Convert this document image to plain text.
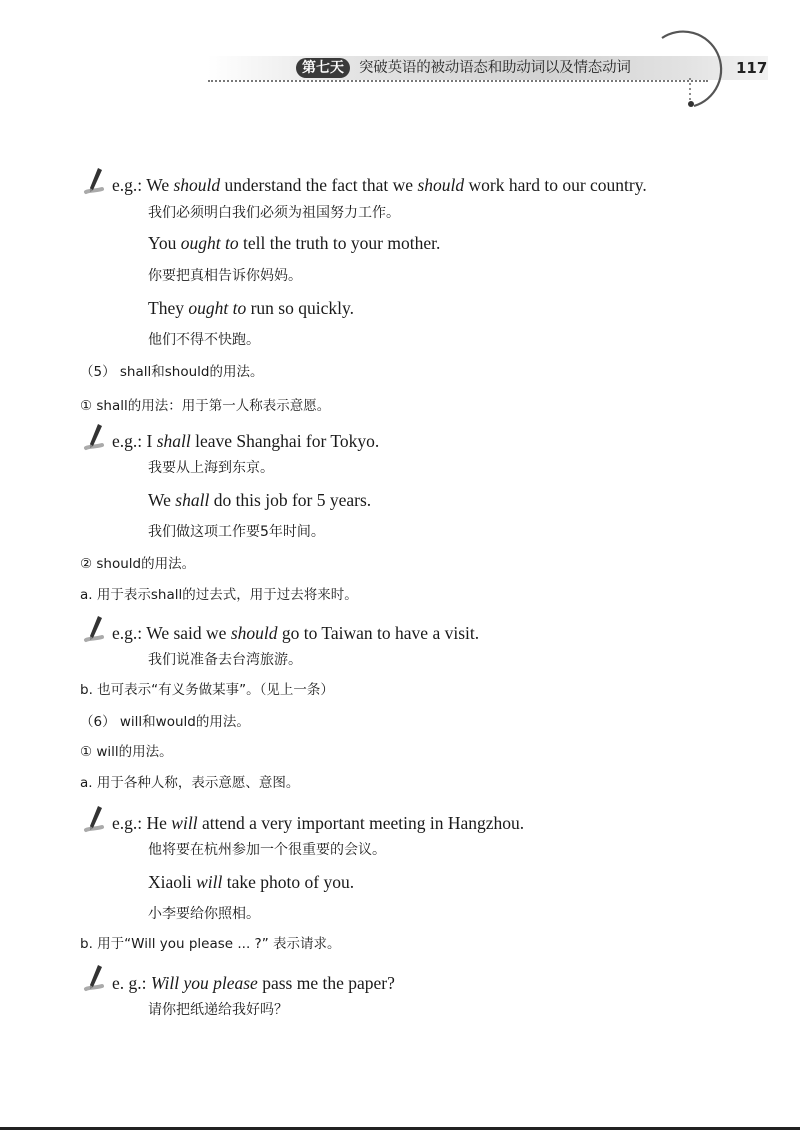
第七天	突破英语的被动语态和助动词以及情态动词	117
e.g.: We should understand the fact that we should work hard to our country.
我们必须明白我们必须为祖国努力工作。
You ought to tell the truth to your mother.
你要把真相告诉你妈妈。
They ought to run so quickly.
他们不得不快跑。
（5） shall和should的用法。
① shall的用法：用于第一人称表示意愿。
e.g.: I shall leave Shanghai for Tokyo.
我要从上海到东京。
We shall do this job for 5 years.
我们做这项工作要5年时间。
② should的用法。
a. 用于表示shall的过去式，用于过去将来时。
e.g.: We said we should go to Taiwan to have a visit.
我们说准备去台湾旅游。
b. 也可表示“有义务做某事”。（见上一条）
（6） will和would的用法。
① will的用法。
a. 用于各种人称，表示意愿、意图。
e.g.: He will attend a very important meeting in Hangzhou.
他将要在杭州参加一个很重要的会议。
Xiaoli will take photo of you.
小李要给你照相。
b. 用于“Will you please ... ?” 表示请求。
e. g.: Will you please pass me the paper?
请你把纸递给我好吗？
